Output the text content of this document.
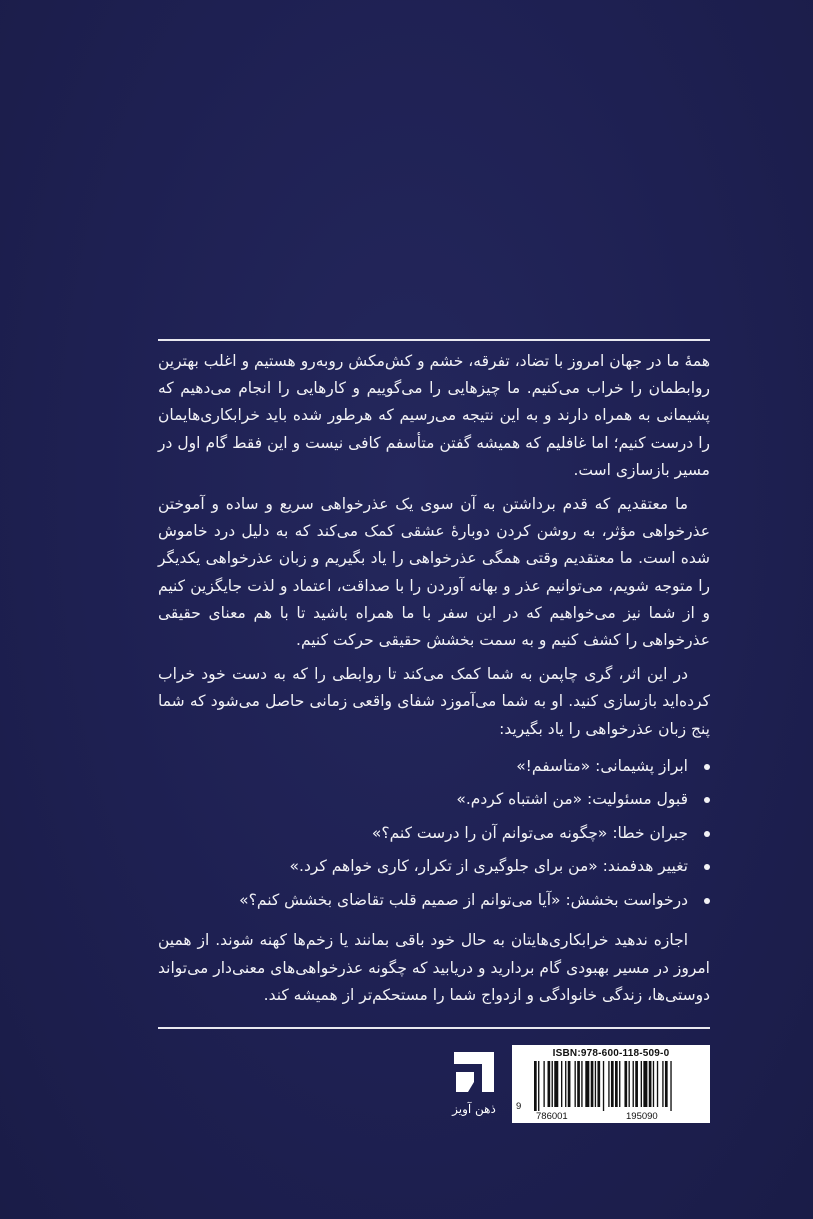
همهٔ ما در جهان امروز با تضاد، تفرقه، خشم و کش‌مکش روبه‌رو هستیم و اغلب بهترین روابطمان را خراب می‌کنیم. ما چیزهایی را می‌گوییم و کارهایی را انجام می‌دهیم که پشیمانی به همراه دارند و به این نتیجه می‌رسیم که هرطور شده باید خرابکاری‌هایمان را درست کنیم؛ اما غافلیم که همیشه گفتن متأسفم کافی نیست و این فقط گام اول در مسیر بازسازی است.

ما معتقدیم که قدم برداشتن به آن سوی یک عذرخواهی سریع و ساده و آموختن عذرخواهی مؤثر، به روشن کردن دوبارهٔ عشقی کمک می‌کند که به دلیل درد خاموش شده است. ما معتقدیم وقتی همگی عذرخواهی را یاد بگیریم و زبان عذرخواهی یکدیگر را متوجه شویم، می‌توانیم عذر و بهانه آوردن را با صداقت، اعتماد و لذت جایگزین کنیم و از شما نیز می‌خواهیم که در این سفر با ما همراه باشید تا با هم معنای حقیقی عذرخواهی را کشف کنیم و به سمت بخشش حقیقی حرکت کنیم.

در این اثر، گری چاپمن به شما کمک می‌کند تا روابطی را که به دست خود خراب کرده‌اید بازسازی کنید. او به شما می‌آموزد شفای واقعی زمانی حاصل می‌شود که شما پنج زبان عذرخواهی را یاد بگیرید:

ابراز پشیمانی: «متاسفم!»
قبول مسئولیت: «من اشتباه کردم.»
جبران خطا: «چگونه می‌توانم آن را درست کنم؟»
تغییر هدفمند: «من برای جلوگیری از تکرار، کاری خواهم کرد.»
درخواست بخشش: «آیا می‌توانم از صمیم قلب تقاضای بخشش کنم؟»

اجازه ندهید خرابکاری‌هایتان به حال خود باقی بمانند یا زخم‌ها کهنه شوند. از همین امروز در مسیر بهبودی گام بردارید و دریابید که چگونه عذرخواهی‌های معنی‌دار می‌تواند دوستی‌ها، زندگی خانوادگی و ازدواج شما را مستحکم‌تر از همیشه کند.

ذهن آویز
ISBN:978-600-118-509-0
9
786001	195090
